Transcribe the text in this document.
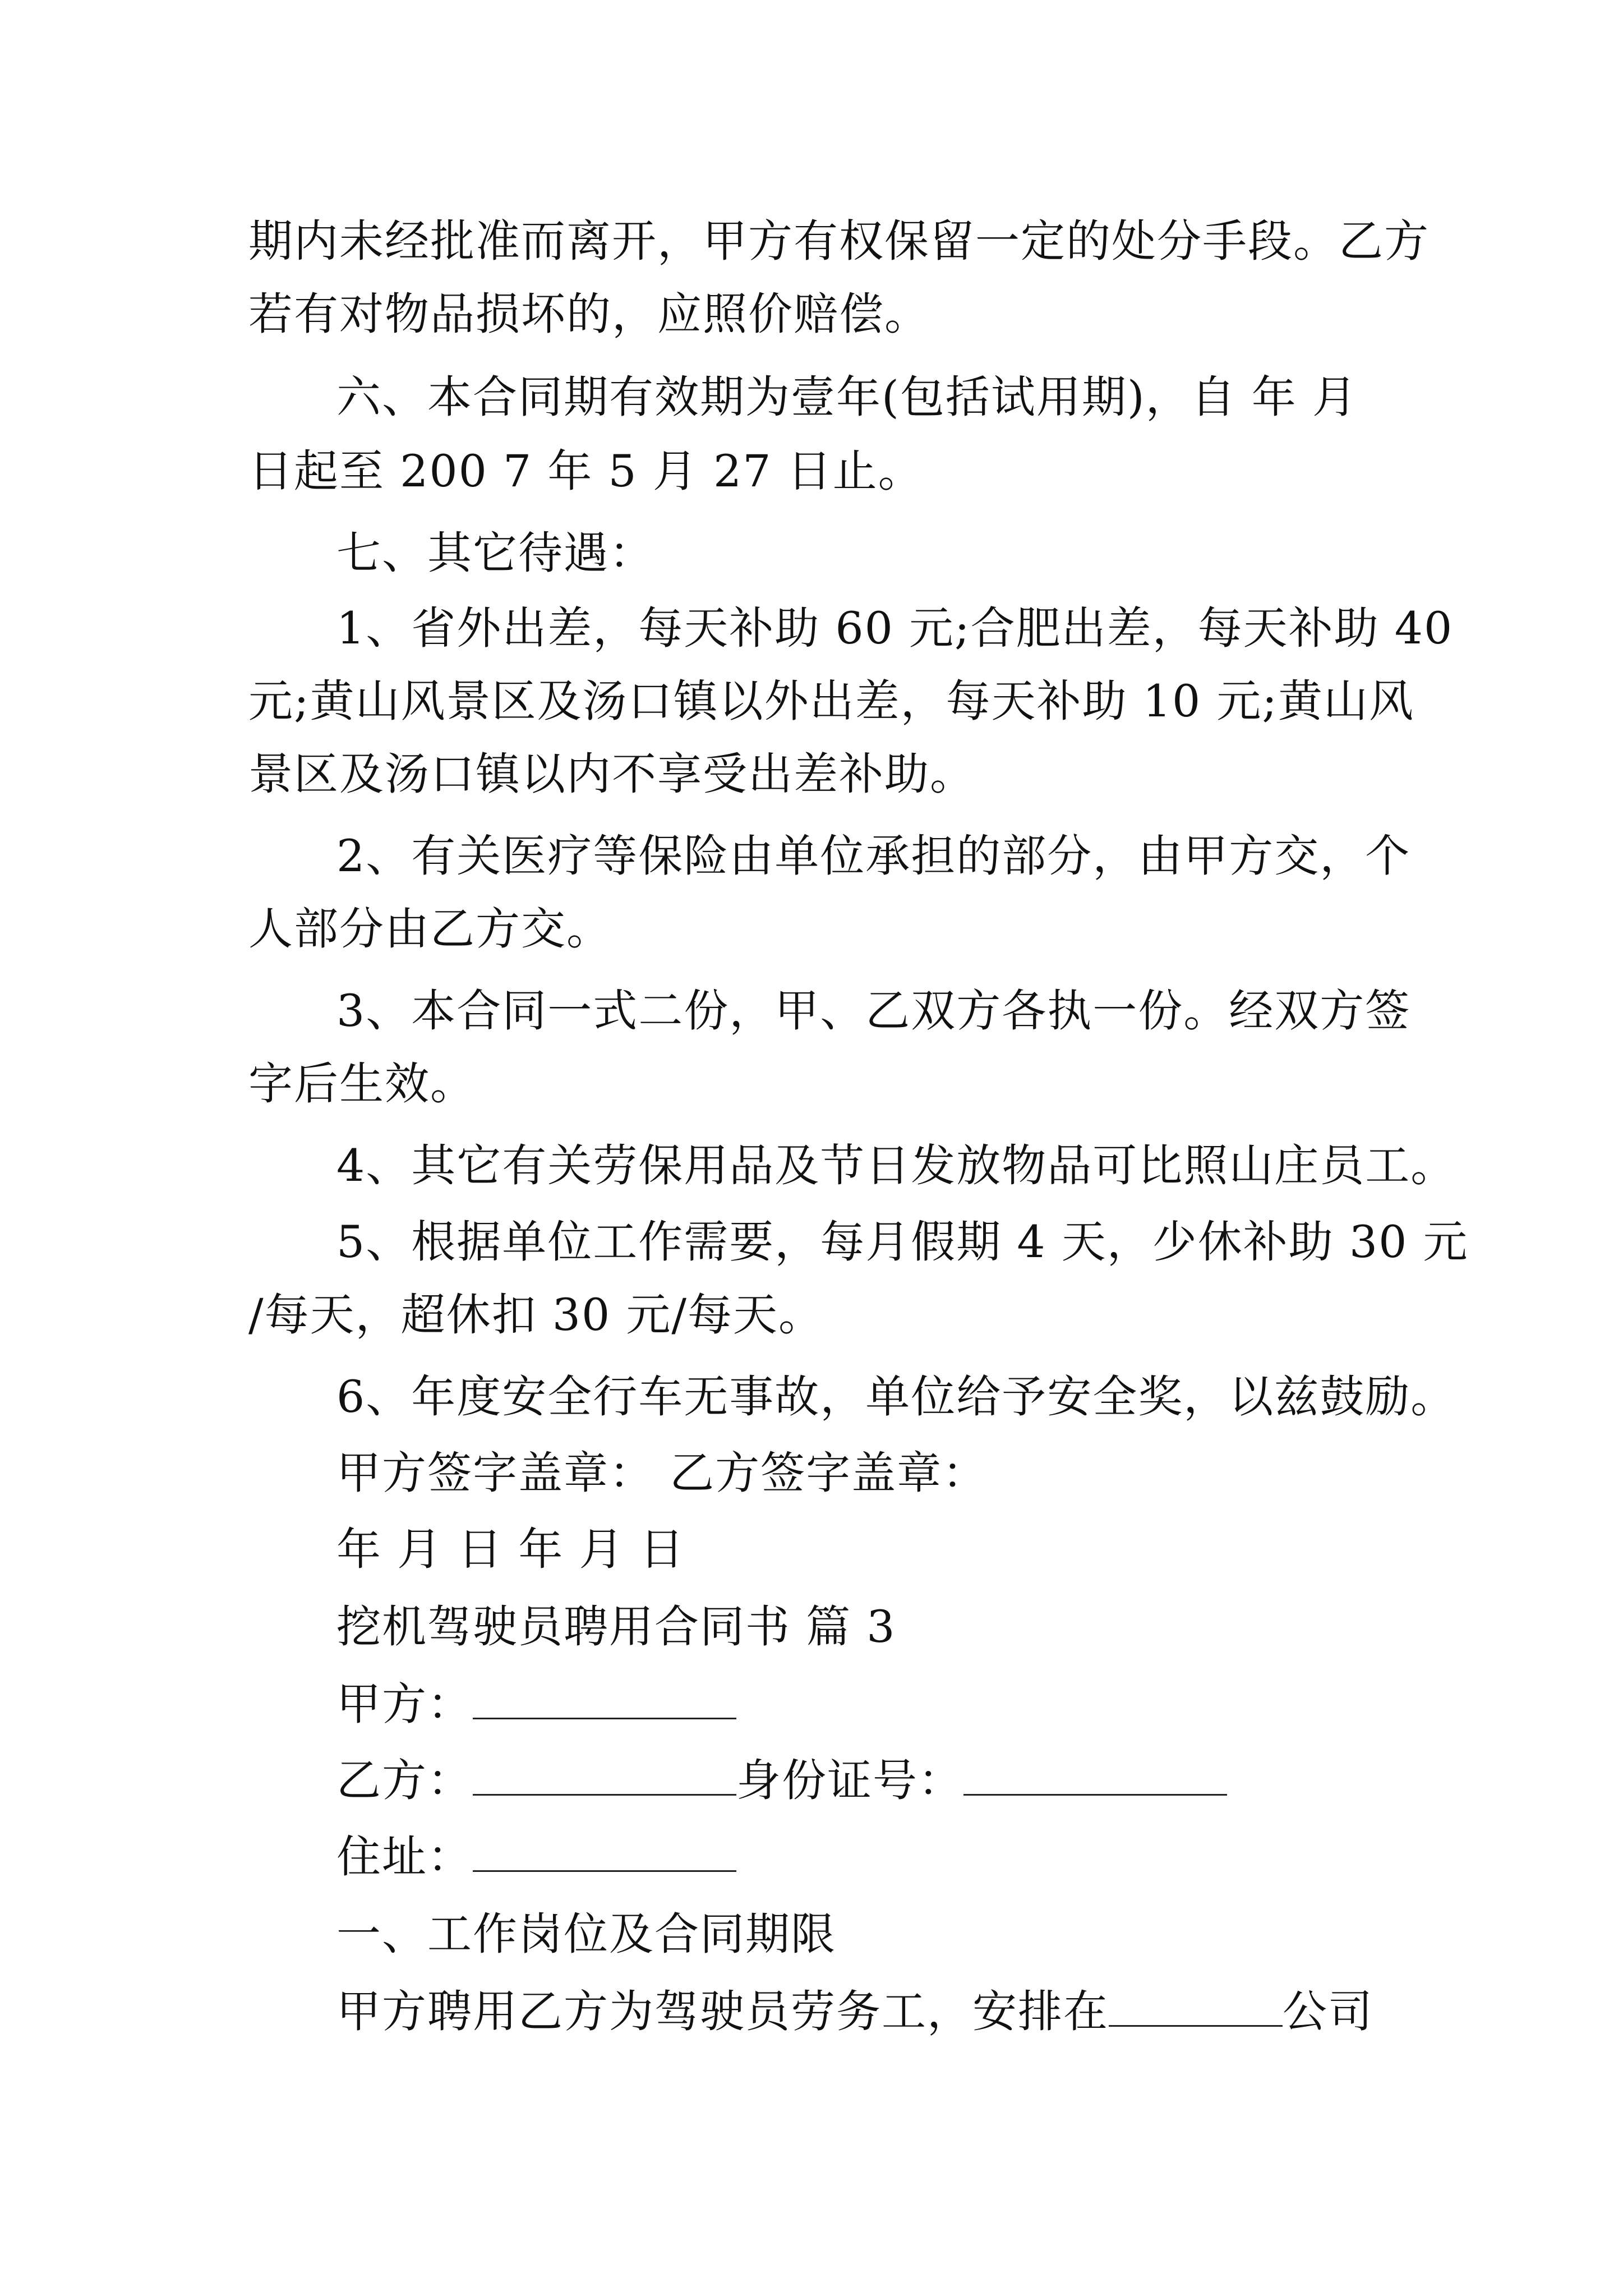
期内未经批准而离开，甲方有权保留一定的处分手段。乙方
若有对物品损坏的，应照价赔偿。
六、本合同期有效期为壹年(包括试用期)，自 年 月
日起至 200 7 年 5 月 27 日止。
七、其它待遇：
1、省外出差，每天补助 60 元;合肥出差，每天补助 40
元;黄山风景区及汤口镇以外出差，每天补助 10 元;黄山风
景区及汤口镇以内不享受出差补助。
2、有关医疗等保险由单位承担的部分，由甲方交，个
人部分由乙方交。
3、本合同一式二份，甲、乙双方各执一份。经双方签
字后生效。
4、其它有关劳保用品及节日发放物品可比照山庄员工。
5、根据单位工作需要，每月假期 4 天，少休补助 30 元
/每天，超休扣 30 元/每天。
6、年度安全行车无事故，单位给予安全奖，以兹鼓励。
甲方签字盖章： 乙方签字盖章：
年 月 日 年 月 日
挖机驾驶员聘用合同书 篇 3
甲方：
乙方：	身份证号：
住址：
一、工作岗位及合同期限
甲方聘用乙方为驾驶员劳务工，安排在	公司
